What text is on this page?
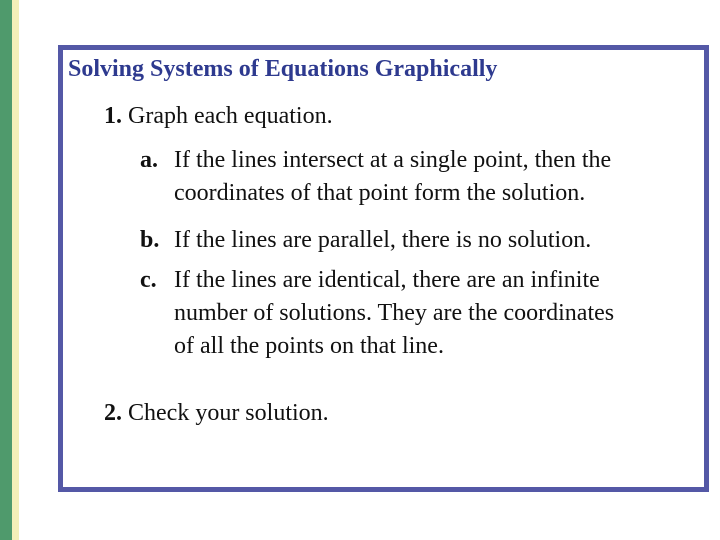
Solving Systems of Equations Graphically
1. Graph each equation.
a. If the lines intersect at a single point, then the
coordinates of that point form the solution.
b. If the lines are parallel, there is no solution.
c. If the lines are identical, there are an infinite
number of solutions. They are the coordinates
of all the points on that line.
2. Check your solution.
